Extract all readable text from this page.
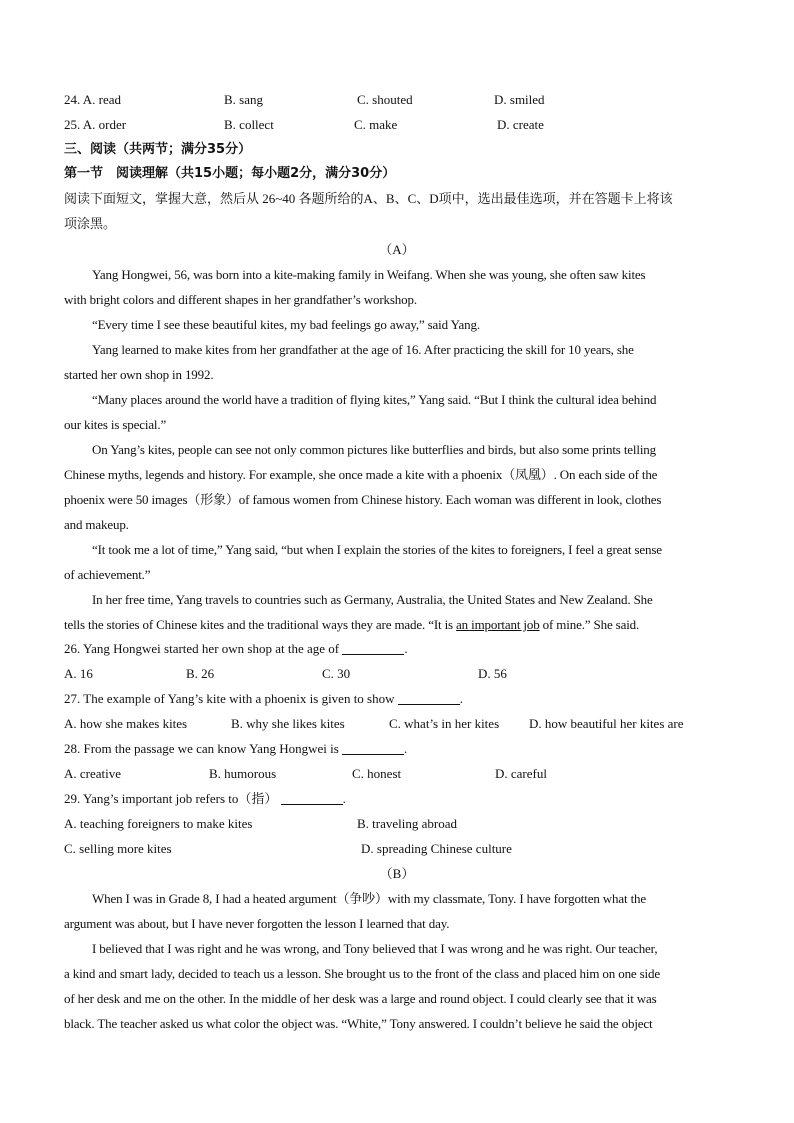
24. A. read	B. sang	C. shouted	D. smiled
25. A. order	B. collect	C. make	D. create
三、阅读（共两节；满分35分）
第一节　阅读理解（共15小题；每小题2分，满分30分）
阅读下面短文，掌握大意，然后从 26~40 各题所给的A、B、C、D项中，选出最佳选项，并在答题卡上将该
项涂黑。
（A）
Yang Hongwei, 56, was born into a kite-making family in Weifang. When she was young, she often saw kites
with bright colors and different shapes in her grandfather’s workshop.
“Every time I see these beautiful kites, my bad feelings go away,” said Yang.
Yang learned to make kites from her grandfather at the age of 16. After practicing the skill for 10 years, she
started her own shop in 1992.
“Many places around the world have a tradition of flying kites,” Yang said. “But I think the cultural idea behind
our kites is special.”
On Yang’s kites, people can see not only common pictures like butterflies and birds, but also some prints telling
Chinese myths, legends and history. For example, she once made a kite with a phoenix（凤凰）. On each side of the
phoenix were 50 images（形象）of famous women from Chinese history. Each woman was different in look, clothes
and makeup.
“It took me a lot of time,” Yang said, “but when I explain the stories of the kites to foreigners, I feel a great sense
of achievement.”
In her free time, Yang travels to countries such as Germany, Australia, the United States and New Zealand. She
tells the stories of Chinese kites and the traditional ways they are made. “It is an important job of mine.” She said.
26. Yang Hongwei started her own shop at the age of	.
A. 16	B. 26	C. 30	D. 56
27. The example of Yang’s kite with a phoenix is given to show	.
A. how she makes kites	B. why she likes kites	C. what’s in her kites D. how beautiful her kites are
28. From the passage we can know Yang Hongwei is	.
A. creative	B. humorous	C. honest	D. careful
29. Yang’s important job refers to（指）	.
A. teaching foreigners to make kites	B. traveling abroad
C. selling more kites	D. spreading Chinese culture
（B）
When I was in Grade 8, I had a heated argument（争吵）with my classmate, Tony. I have forgotten what the
argument was about, but I have never forgotten the lesson I learned that day.
I believed that I was right and he was wrong, and Tony believed that I was wrong and he was right. Our teacher,
a kind and smart lady, decided to teach us a lesson. She brought us to the front of the class and placed him on one side
of her desk and me on the other. In the middle of her desk was a large and round object. I could clearly see that it was
black. The teacher asked us what color the object was. “White,” Tony answered. I couldn’t believe he said the object
